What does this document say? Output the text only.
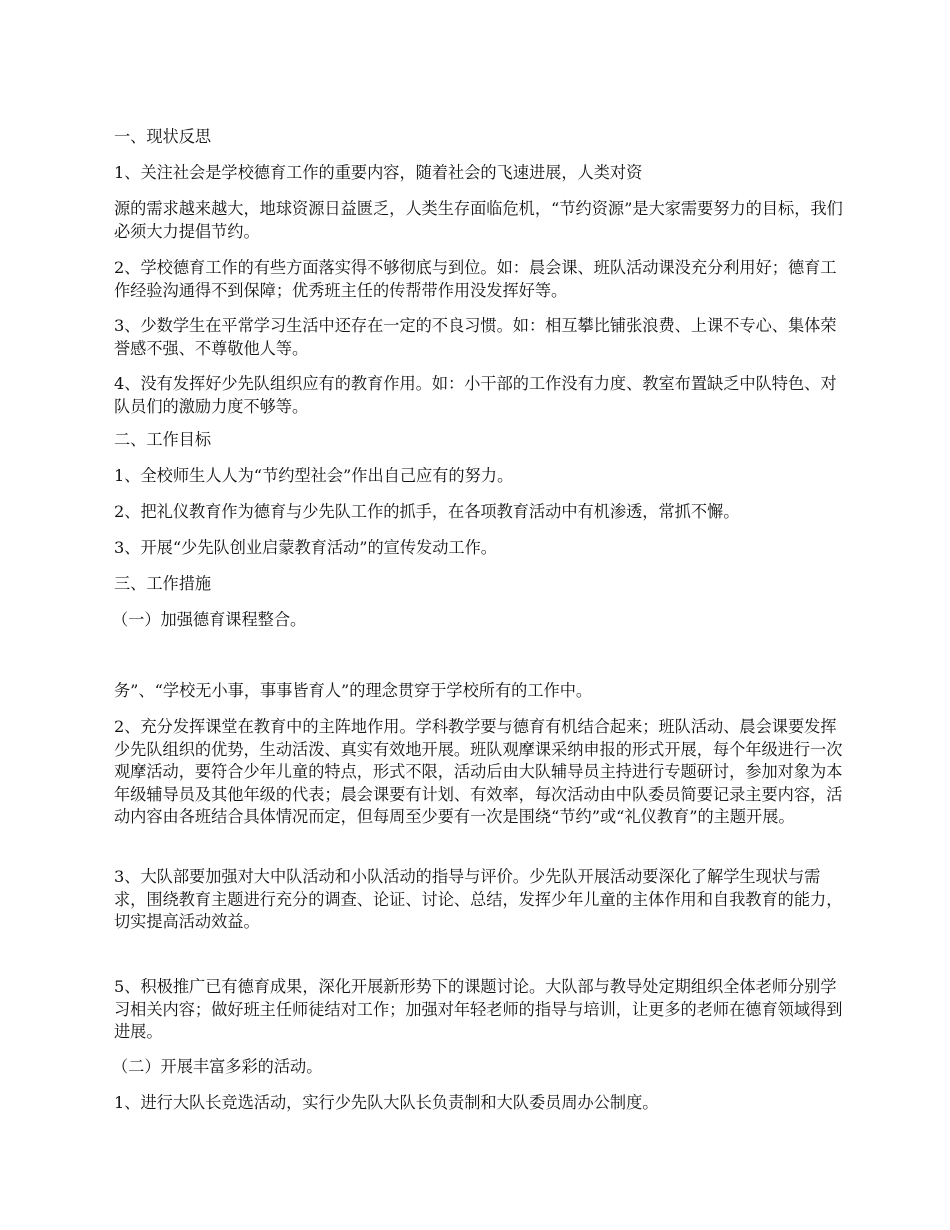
一、现状反思

1、关注社会是学校德育工作的重要内容，随着社会的飞速进展，人类对资

源的需求越来越大，地球资源日益匮乏，人类生存面临危机，“节约资源”是大家需要努力的目标，我们必须大力提倡节约。

2、学校德育工作的有些方面落实得不够彻底与到位。如：晨会课、班队活动课没充分利用好；德育工作经验沟通得不到保障；优秀班主任的传帮带作用没发挥好等。

3、少数学生在平常学习生活中还存在一定的不良习惯。如：相互攀比铺张浪费、上课不专心、集体荣誉感不强、不尊敬他人等。

4、没有发挥好少先队组织应有的教育作用。如：小干部的工作没有力度、教室布置缺乏中队特色、对队员们的激励力度不够等。

二、工作目标

1、全校师生人人为“节约型社会”作出自己应有的努力。

2、把礼仪教育作为德育与少先队工作的抓手，在各项教育活动中有机渗透，常抓不懈。

3、开展“少先队创业启蒙教育活动”的宣传发动工作。

三、工作措施

（一）加强德育课程整合。

务”、“学校无小事，事事皆育人”的理念贯穿于学校所有的工作中。

2、充分发挥课堂在教育中的主阵地作用。学科教学要与德育有机结合起来；班队活动、晨会课要发挥少先队组织的优势，生动活泼、真实有效地开展。班队观摩课采纳申报的形式开展，每个年级进行一次观摩活动，要符合少年儿童的特点，形式不限，活动后由大队辅导员主持进行专题研讨，参加对象为本年级辅导员及其他年级的代表；晨会课要有计划、有效率，每次活动由中队委员简要记录主要内容，活动内容由各班结合具体情况而定，但每周至少要有一次是围绕“节约”或“礼仪教育”的主题开展。

3、大队部要加强对大中队活动和小队活动的指导与评价。少先队开展活动要深化了解学生现状与需求，围绕教育主题进行充分的调查、论证、讨论、总结，发挥少年儿童的主体作用和自我教育的能力，切实提高活动效益。

5、积极推广已有德育成果，深化开展新形势下的课题讨论。大队部与教导处定期组织全体老师分别学习相关内容；做好班主任师徒结对工作；加强对年轻老师的指导与培训，让更多的老师在德育领域得到进展。

（二）开展丰富多彩的活动。

1、进行大队长竞选活动，实行少先队大队长负责制和大队委员周办公制度。
